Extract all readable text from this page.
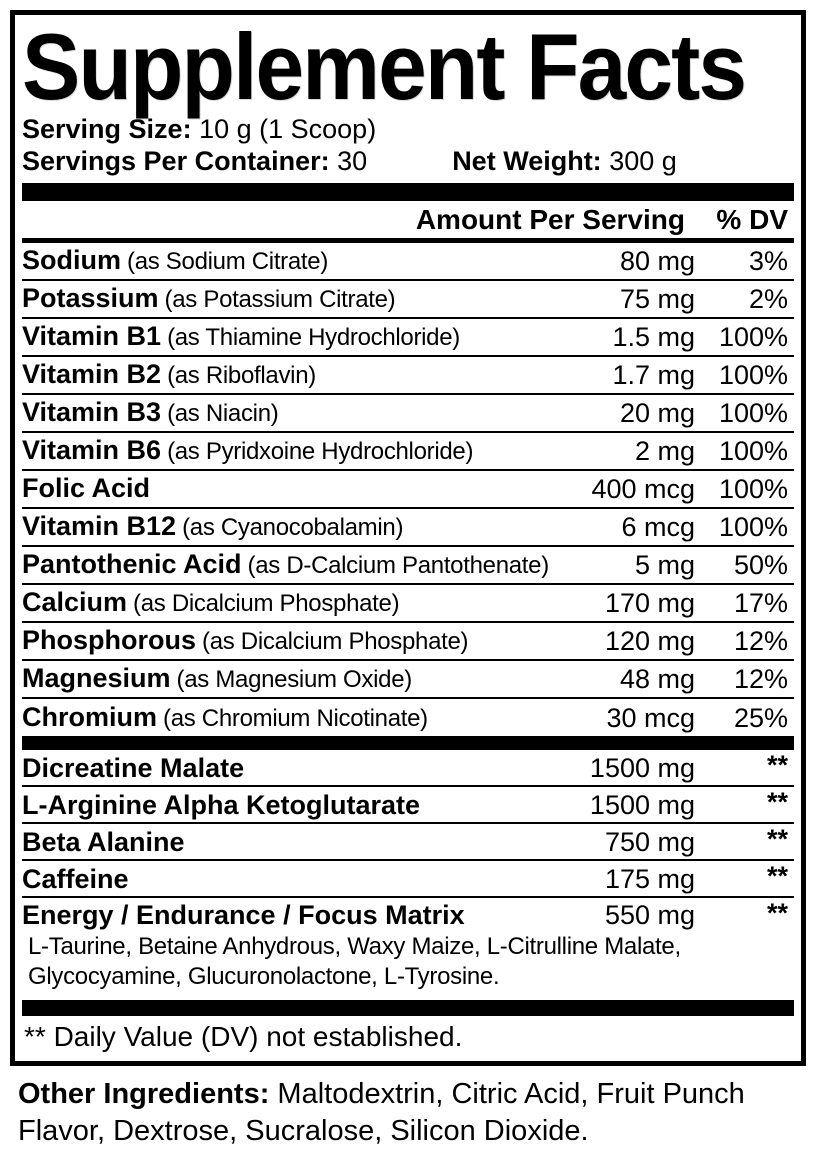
Supplement Facts
Serving Size: 10 g (1 Scoop)
Servings Per Container: 30	Net Weight: 300 g
Amount Per Serving	% DV
Sodium (as Sodium Citrate)	80 mg	3%
Potassium (as Potassium Citrate)	75 mg	2%
Vitamin B1 (as Thiamine Hydrochloride)	1.5 mg 100%
Vitamin B2 (as Riboflavin)	1.7 mg 100%
Vitamin B3 (as Niacin)	20 mg 100%
Vitamin B6 (as Pyridxoine Hydrochloride)	2 mg 100%
Folic Acid	400 mcg 100%
Vitamin B12 (as Cyanocobalamin)	6 mcg 100%
Pantothenic Acid (as D-Calcium Pantothenate)	5 mg	50%
Calcium (as Dicalcium Phosphate)	170 mg	17%
Phosphorous (as Dicalcium Phosphate)	120 mg	12%
Magnesium (as Magnesium Oxide)	48 mg	12%
Chromium (as Chromium Nicotinate)	30 mcg	25%
Dicreatine Malate	1500 mg	**
L-Arginine Alpha Ketoglutarate	1500 mg	**
Beta Alanine	750 mg	**
Caffeine	175 mg	**
Energy / Endurance / Focus Matrix	550 mg	**
L-Taurine, Betaine Anhydrous, Waxy Maize, L-Citrulline Malate, Glycocyamine, Glucuronolactone, L-Tyrosine.
** Daily Value (DV) not established.
Other Ingredients: Maltodextrin, Citric Acid, Fruit Punch Flavor, Dextrose, Sucralose, Silicon Dioxide.
